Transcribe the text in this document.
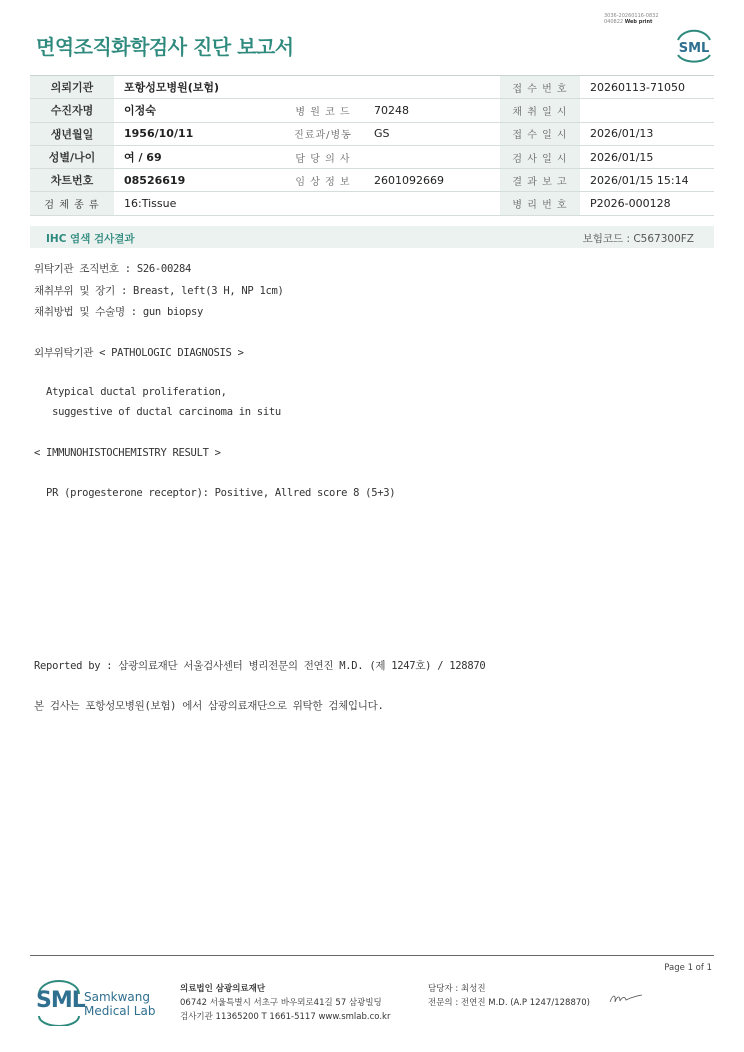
3036-20260116-0832
040822 Web print
면역조직화학검사 진단 보고서	SML
의뢰기관	포항성모병원(보험)			접 수 번 호	20260113-71050
수진자명	이정숙	병 원 코 드	70248	채 취 일 시	
생년월일	1956/10/11	진료과/병동	GS	접 수 일 시	2026/01/13
성별/나이	여 / 69	담 당 의 사		검 사 일 시	2026/01/15
차트번호	08526619	임 상 정 보	2601092669	결 과 보 고	2026/01/15 15:14
검 체 종 류	16:Tissue			병 리 번 호	P2026-000128
IHC 염색 검사결과	보험코드 : C567300FZ
위탁기관 조직번호 : S26-00284
채취부위 및 장기 : Breast, left(3 H, NP 1cm)
채취방법 및 수술명 : gun biopsy
외부위탁기관 < PATHOLOGIC DIAGNOSIS >
Atypical ductal proliferation,
suggestive of ductal carcinoma in situ
< IMMUNOHISTOCHEMISTRY RESULT >
PR (progesterone receptor): Positive, Allred score 8 (5+3)
Reported by : 삼광의료재단 서울검사센터 병리전문의 전연진 M.D. (제 1247호) / 128870
본 검사는 포항성모병원(보험) 에서 삼광의료재단으로 위탁한 검체입니다.
Page 1 of 1
SML Samkwang
Medical Lab
의료법인 삼광의료재단
06742 서울특별시 서초구 바우뫼로41길 57 삼광빌딩
검사기관 11365200 T 1661-5117 www.smlab.co.kr
담당자 : 최성진
전문의 : 전연진 M.D. (A.P 1247/128870)
